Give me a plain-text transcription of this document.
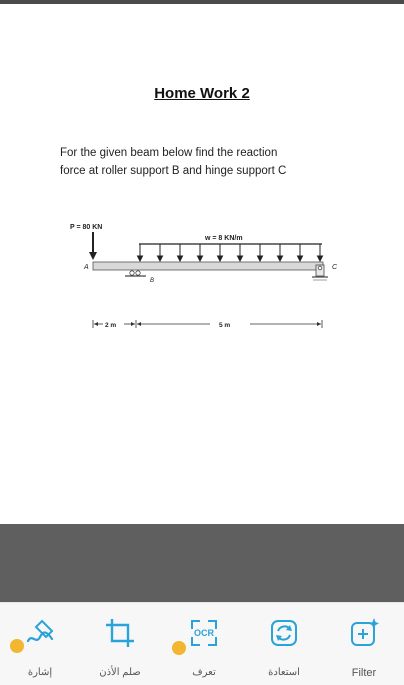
Home Work 2
For the given beam below find the reaction
force at roller support B and hinge support C
P = 80 KN
w = 8 KN/m
A
B
C
2 m	5 m
إشارة	صلم الأذن
OCR
تعرف	استعادة	Filter
